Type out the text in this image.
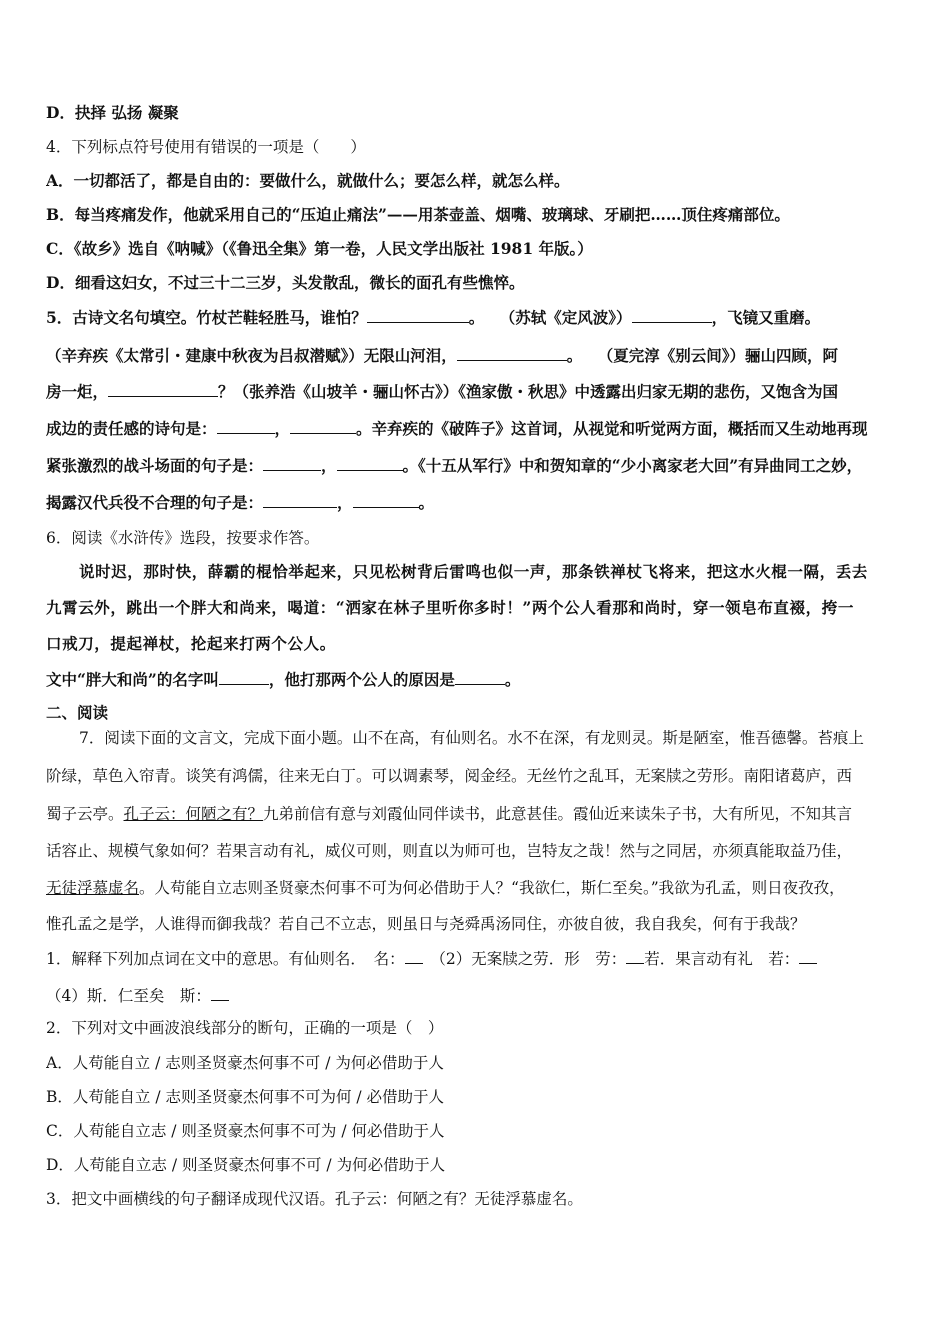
D．抉择 弘扬 凝聚
4．下列标点符号使用有错误的一项是（　　）
A．一切都活了，都是自由的：要做什么，就做什么；要怎么样，就怎么样。
B．每当疼痛发作，他就采用自己的“压迫止痛法”——用茶壶盖、烟嘴、玻璃球、牙刷把……顶住疼痛部位。
C．《故乡》选自《呐喊》（《鲁迅全集》第一卷，人民文学出版社 1981 年版。）
D．细看这妇女，不过三十二三岁，头发散乱，微长的面孔有些憔悴。
5．古诗文名句填空。竹杖芒鞋轻胜马，谁怕？	。　　（苏轼《定风波》）	，飞镜又重磨。
（辛弃疾《太常引・建康中秋夜为吕叔潜赋》）无限山河泪，	。　　（夏完淳《别云间》）骊山四顾，阿
房一炬，	？（张养浩《山坡羊・骊山怀古》）《渔家傲・秋思》中透露出归家无期的悲伤，又饱含为国
成边的责任感的诗句是：	，	。辛弃疾的《破阵子》这首词，从视觉和听觉两方面，概括而又生动地再现
紧张激烈的战斗场面的句子是：	，	。《十五从军行》中和贺知章的“少小离家老大回”有异曲同工之妙，
揭露汉代兵役不合理的句子是：	，	。
6．阅读《水浒传》选段，按要求作答。
说时迟，那时快，薛霸的棍恰举起来，只见松树背后雷鸣也似一声，那条铁禅杖飞将来，把这水火棍一隔，丢去
九霄云外，跳出一个胖大和尚来，喝道：“洒家在林子里听你多时！”两个公人看那和尚时，穿一领皂布直裰，挎一
口戒刀，提起禅杖，抡起来打两个公人。
文中“胖大和尚”的名字叫	，他打那两个公人的原因是	。
二、阅读
7．阅读下面的文言文，完成下面小题。山不在高，有仙则名。水不在深，有龙则灵。斯是陋室，惟吾德馨。苔痕上
阶绿，草色入帘青。谈笑有鸿儒，往来无白丁。可以调素琴，阅金经。无丝竹之乱耳，无案牍之劳形。南阳诸葛庐，西
蜀子云亭。孔子云：何陋之有？九弟前信有意与刘霞仙同伴读书，此意甚佳。霞仙近来读朱子书，大有所见，不知其言
话容止、规模气象如何？若果言动有礼，威仪可则，则直以为师可也，岂特友之哉！然与之同居，亦须真能取益乃佳，
无徒浮慕虚名。人苟能自立志则圣贤豪杰何事不可为何必借助于人？“我欲仁，斯仁至矣。”我欲为孔孟，则日夜孜孜，
惟孔孟之是学，人谁得而御我哉？若自己不立志，则虽日与尧舜禹汤同住，亦彼自彼，我自我矣，何有于我哉？
1．解释下列加点词在文中的意思。有仙则名．　名：　 （2）无案牍之劳．形　劳： 若．果言动有礼　若：
（4）斯．仁至矣　斯：
2．下列对文中画波浪线部分的断句，正确的一项是（　）
A．人苟能自立 / 志则圣贤豪杰何事不可 / 为何必借助于人
B．人苟能自立 / 志则圣贤豪杰何事不可为何 / 必借助于人
C．人苟能自立志 / 则圣贤豪杰何事不可为 / 何必借助于人
D．人苟能自立志 / 则圣贤豪杰何事不可 / 为何必借助于人
3．把文中画横线的句子翻译成现代汉语。孔子云：何陋之有？无徒浮慕虚名。
